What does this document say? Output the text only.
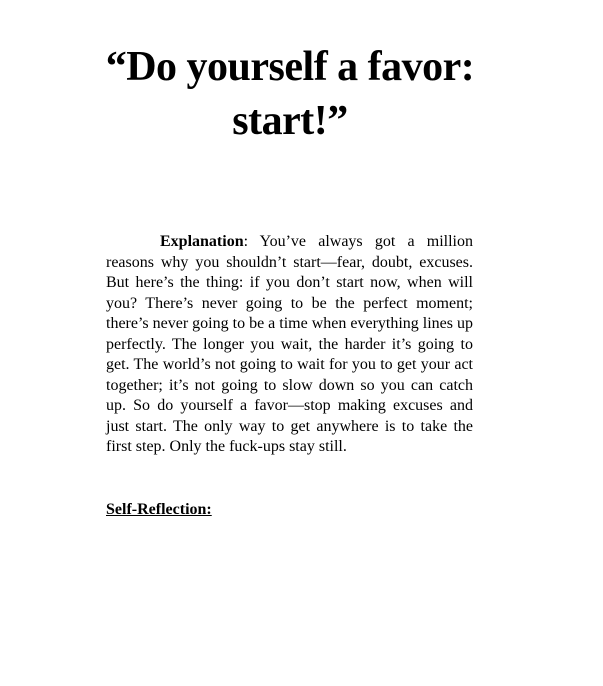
“Do yourself a favor: start!”

Explanation: You’ve always got a million reasons why you shouldn’t start—fear, doubt, excuses. But here’s the thing: if you don’t start now, when will you? There’s never going to be the perfect moment; there’s never going to be a time when everything lines up perfectly. The longer you wait, the harder it’s going to get. The world’s not going to wait for you to get your act together; it’s not going to slow down so you can catch up. So do yourself a favor—stop making excuses and just start. The only way to get anywhere is to take the first step. Only the fuck-ups stay still.

Self-Reflection:
